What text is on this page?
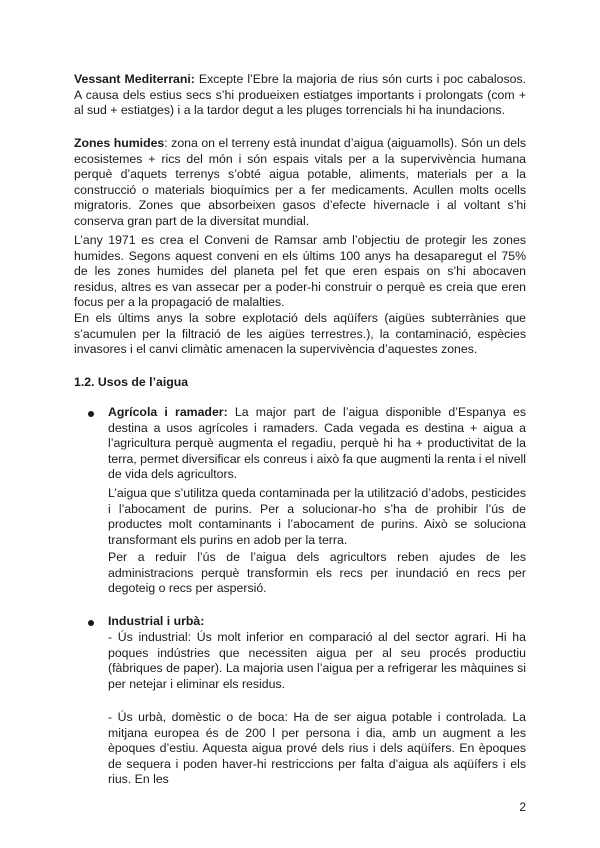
Vessant Mediterrani: Excepte l’Ebre la majoria de rius són curts i poc cabalosos. A causa dels estius secs s’hi produeixen estiatges importants i prolongats (com + al sud + estiatges) i a la tardor degut a les pluges torrencials hi ha inundacions.

Zones humides: zona on el terreny està inundat d’aigua (aiguamolls). Són un dels ecosistemes + rics del món i són espais vitals per a la supervivència humana perquè d’aquets terrenys s’obté aigua potable, aliments, materials per a la construcció o materials bioquímics per a fer medicaments. Acullen molts ocells migratoris. Zones que absorbeixen gasos d’efecte hivernacle i al voltant s’hi conserva gran part de la diversitat mundial.

L’any 1971 es crea el Conveni de Ramsar amb l’objectiu de protegir les zones humides. Segons aquest conveni en els últims 100 anys ha desaparegut el 75% de les zones humides del planeta pel fet que eren espais on s’hi abocaven residus, altres es van assecar per a poder-hi construir o perquè es creia que eren focus per a la propagació de malalties.

En els últims anys la sobre explotació dels aqüífers (aigües subterrànies que s’acumulen per la filtració de les aigües terrestres.), la contaminació, espècies invasores i el canvi climàtic amenacen la supervivència d’aquestes zones.

1.2. Usos de l’aigua

Agrícola i ramader: La major part de l’aigua disponible d’Espanya es destina a usos agrícoles i ramaders. Cada vegada es destina + aigua a l’agricultura perquè augmenta el regadiu, perquè hi ha + productivitat de la terra, permet diversificar els conreus i això fa que augmenti la renta i el nivell de vida dels agricultors.

L’aigua que s’utilitza queda contaminada per la utilització d’adobs, pesticides i l’abocament de purins. Per a solucionar-ho s’ha de prohibir l’ús de productes molt contaminants i l’abocament de purins. Això se soluciona transformant els purins en adob per la terra.

Per a reduir l’ús de l’aigua dels agricultors reben ajudes de les administracions perquè transformin els recs per inundació en recs per degoteig o recs per aspersió.

Industrial i urbà:

- Ús industrial: Ús molt inferior en comparació al del sector agrari. Hi ha poques indústries que necessiten aigua per al seu procés productiu (fàbriques de paper). La majoria usen l’aigua per a refrigerar les màquines si per netejar i eliminar els residus.

- Ús urbà, domèstic o de boca: Ha de ser aigua potable i controlada. La mitjana europea és de 200 l per persona i dia, amb un augment a les èpoques d’estiu. Aquesta aigua prové dels rius i dels aqüífers. En èpoques de sequera i poden haver-hi restriccions per falta d’aigua als aqüífers i els rius. En les

2
